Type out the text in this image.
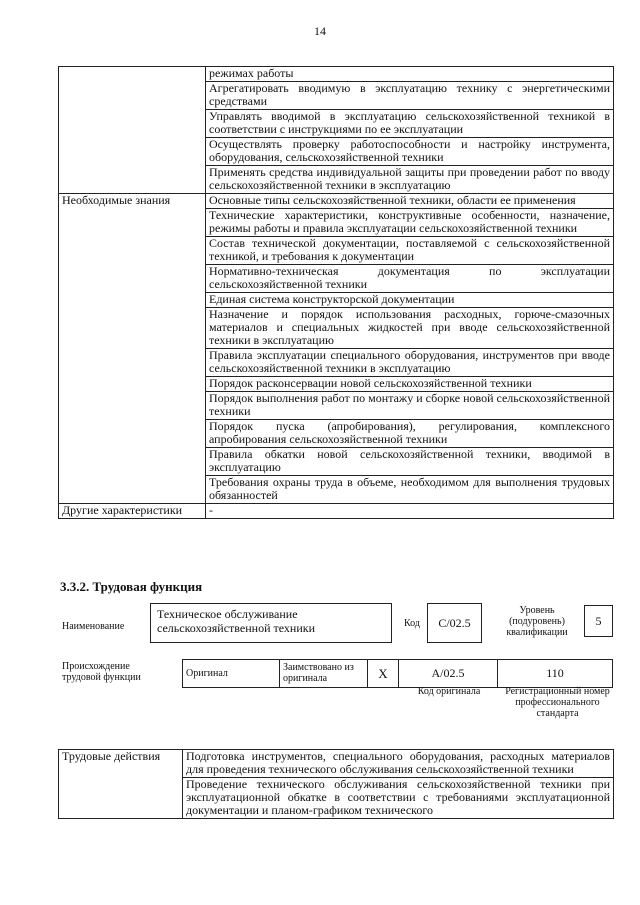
14
	режимах работы
	Агрегатировать вводимую в эксплуатацию технику с энергетическими средствами
	Управлять вводимой в эксплуатацию сельскохозяйственной техникой в соответствии с инструкциями по ее эксплуатации
	Осуществлять проверку работоспособности и настройку инструмента, оборудования, сельскохозяйственной техники
	Применять средства индивидуальной защиты при проведении работ по вводу сельскохозяйственной техники в эксплуатацию
Необходимые знания	Основные типы сельскохозяйственной техники, области ее применения
	Технические характеристики, конструктивные особенности, назначение, режимы работы и правила эксплуатации сельскохозяйственной техники
	Состав технической документации, поставляемой с сельскохозяйственной техникой, и требования к документации
	Нормативно-техническая документация по эксплуатации сельскохозяйственной техники
	Единая система конструкторской документации
	Назначение и порядок использования расходных, горюче-смазочных материалов и специальных жидкостей при вводе сельскохозяйственной техники в эксплуатацию
	Правила эксплуатации специального оборудования, инструментов при вводе сельскохозяйственной техники в эксплуатацию
	Порядок расконсервации новой сельскохозяйственной техники
	Порядок выполнения работ по монтажу и сборке новой сельскохозяйственной техники
	Порядок пуска (апробирования), регулирования, комплексного апробирования сельскохозяйственной техники
	Правила обкатки новой сельскохозяйственной техники, вводимой в эксплуатацию
	Требования охраны труда в объеме, необходимом для выполнения трудовых обязанностей
Другие характеристики	-
3.3.2. Трудовая функция
Наименование
Техническое обслуживание сельскохозяйственной техники	Код	C/02.5
Уровень (подуровень) квалификации
5
Происхождение трудовой функции	Оригинал	Заимствовано из оригинала	X	A/02.5	110
Код оригинала	Регистрационный номер профессионального стандарта
Трудовые действия	Подготовка инструментов, специального оборудования, расходных материалов для проведения технического обслуживания сельскохозяйственной техники
Проведение технического обслуживания сельскохозяйственной техники при эксплуатационной обкатке в соответствии с требованиями эксплуатационной документации и планом-графиком технического
